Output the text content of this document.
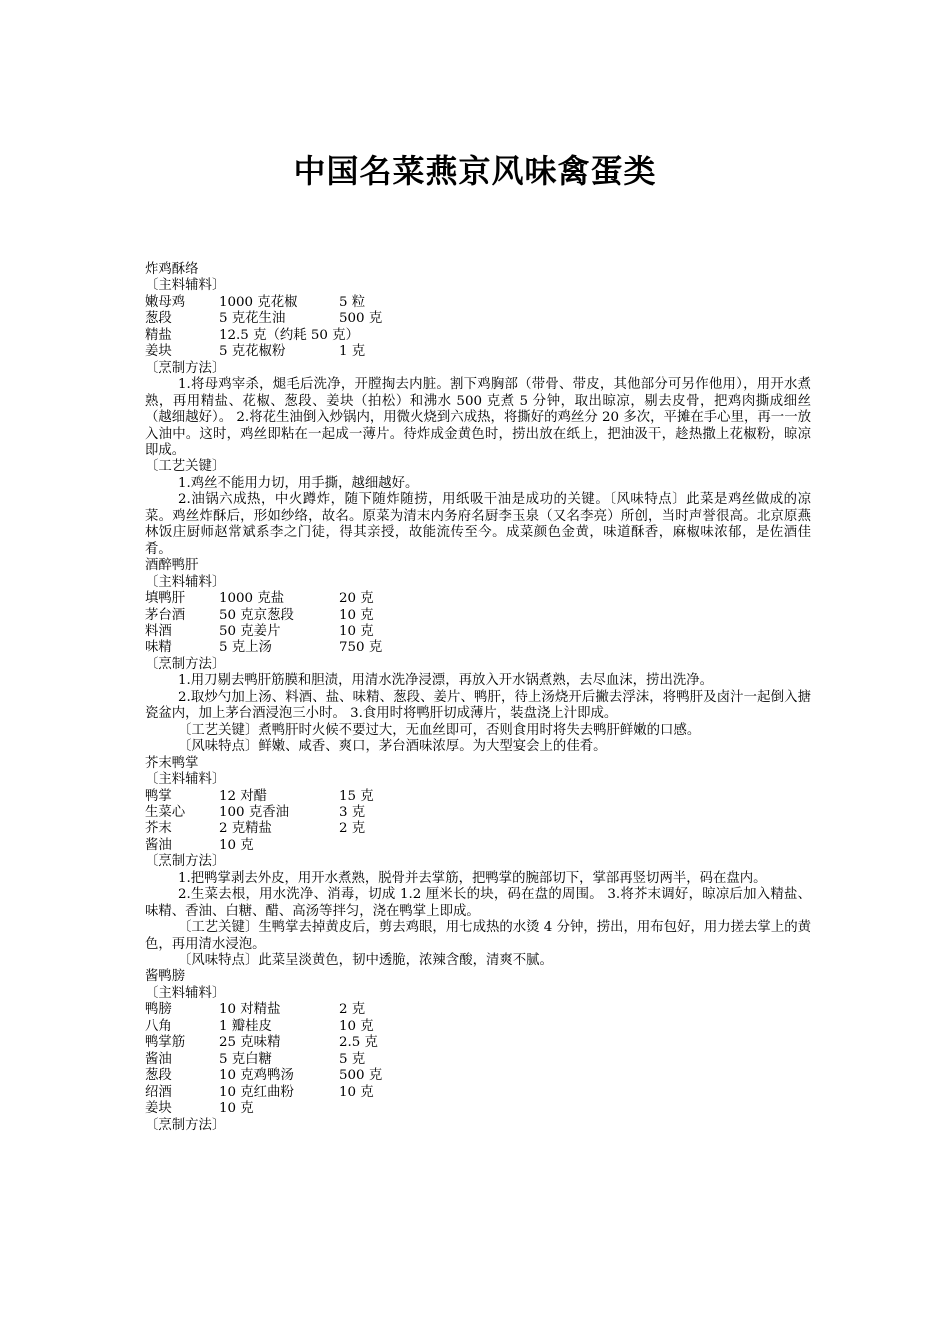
中国名菜燕京风味禽蛋类

炸鸡酥络

〔主料辅料〕

嫩母鸡	1000 克花椒	5 粒

葱段	5 克花生油	500 克

精盐	12.5 克（约耗 50 克）

姜块	5 克花椒粉	1 克

〔烹制方法〕

1.将母鸡宰杀，煺毛后洗净，开膛掏去内脏。割下鸡胸部（带骨、带皮，其他部分可另作他用），用开水煮熟，再用精盐、花椒、葱段、姜块（拍松）和沸水 500 克煮 5 分钟，取出晾凉，剔去皮骨，把鸡肉撕成细丝（越细越好）。 2.将花生油倒入炒锅内，用微火烧到六成热，将撕好的鸡丝分 20 多次，平摊在手心里，再一一放入油中。这时，鸡丝即粘在一起成一薄片。待炸成金黄色时，捞出放在纸上，把油汲干，趁热撒上花椒粉，晾凉即成。

〔工艺关键〕

1.鸡丝不能用力切，用手撕，越细越好。

2.油锅六成热，中火蹲炸，随下随炸随捞，用纸吸干油是成功的关键。〔风味特点〕此菜是鸡丝做成的凉菜。鸡丝炸酥后，形如纱络，故名。原菜为清末内务府名厨李玉泉（又名李亮）所创，当时声誉很高。北京原燕林饭庄厨师赵常斌系李之门徒，得其亲授，故能流传至今。成菜颜色金黄，味道酥香，麻椒味浓郁，是佐酒佳肴。

酒醉鸭肝

〔主料辅料〕

填鸭肝	1000 克盐	20 克

茅台酒	50 克京葱段	10 克

料酒	50 克姜片	10 克

味精	5 克上汤	750 克

〔烹制方法〕

1.用刀剔去鸭肝筋膜和胆渍，用清水洗净浸漂，再放入开水锅煮熟，去尽血沫，捞出洗净。

2.取炒勺加上汤、料酒、盐、味精、葱段、姜片、鸭肝，待上汤烧开后撇去浮沫，将鸭肝及卤汁一起倒入搪瓷盆内，加上茅台酒浸泡三小时。 3.食用时将鸭肝切成薄片，装盘浇上汁即成。

〔工艺关键〕煮鸭肝时火候不要过大，无血丝即可，否则食用时将失去鸭肝鲜嫩的口感。

〔风味特点〕鲜嫩、咸香、爽口，茅台酒味浓厚。为大型宴会上的佳肴。

芥末鸭掌

〔主料辅料〕

鸭掌	12 对醋	15 克

生菜心	100 克香油	3 克

芥末	2 克精盐	2 克

酱油	10 克

〔烹制方法〕

1.把鸭掌剥去外皮，用开水煮熟，脱骨并去掌筋，把鸭掌的腕部切下，掌部再竖切两半，码在盘内。

2.生菜去根，用水洗净、消毒，切成 1.2 厘米长的块，码在盘的周围。 3.将芥末调好，晾凉后加入精盐、味精、香油、白糖、醋、高汤等拌匀，浇在鸭掌上即成。

〔工艺关键〕生鸭掌去掉黄皮后，剪去鸡眼，用七成热的水烫 4 分钟，捞出，用布包好，用力搓去掌上的黄色，再用清水浸泡。

〔风味特点〕此菜呈淡黄色，韧中透脆，浓辣含酸，清爽不腻。

酱鸭膀

〔主料辅料〕

鸭膀	10 对精盐	2 克

八角	1 瓣桂皮	10 克

鸭掌筋	25 克味精	2.5 克

酱油	5 克白糖	5 克

葱段	10 克鸡鸭汤	500 克

绍酒	10 克红曲粉	10 克

姜块	10 克

〔烹制方法〕
